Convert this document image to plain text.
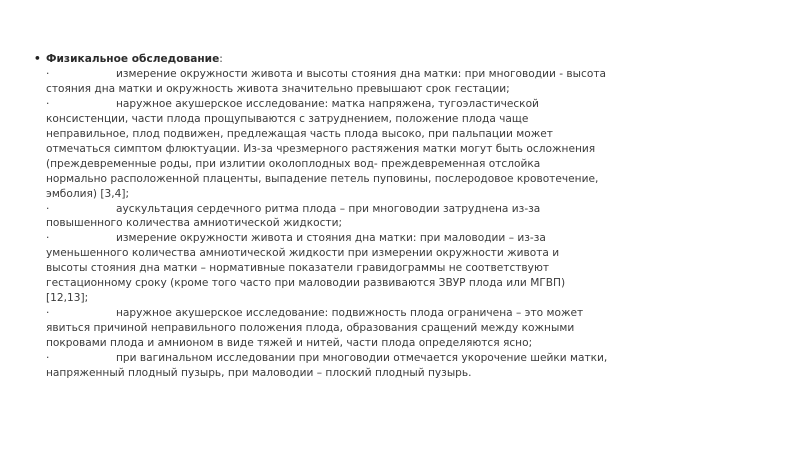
• Физикальное обследование:
·	измерение окружности живота и высоты стояния дна матки: при многоводии - высота
стояния дна матки и окружность живота значительно превышают срок гестации;
·	наружное акушерское исследование: матка напряжена, тугоэластической
консистенции, части плода прощупываются с затруднением, положение плода чаще
неправильное, плод подвижен, предлежащая часть плода высоко, при пальпации может
отмечаться симптом флюктуации. Из-за чрезмерного растяжения матки могут быть осложнения
(преждевременные роды, при излитии околоплодных вод- преждевременная отслойка
нормально расположенной плаценты, выпадение петель пуповины, послеродовое кровотечение,
эмболия) [3,4];
·	аускультация сердечного ритма плода – при многоводии затруднена из-за
повышенного количества амниотической жидкости;
·	измерение окружности живота и стояния дна матки: при маловодии – из-за
уменьшенного количества амниотической жидкости при измерении окружности живота и
высоты стояния дна матки – нормативные показатели гравидограммы не соответствуют
гестационному сроку (кроме того часто при маловодии развиваются ЗВУР плода или МГВП)
[12,13];
·	наружное акушерское исследование: подвижность плода ограничена – это может
явиться причиной неправильного положения плода, образования сращений между кожными
покровами плода и амнионом в виде тяжей и нитей, части плода определяются ясно;
·	при вагинальном исследовании при многоводии отмечается укорочение шейки матки,
напряженный плодный пузырь, при маловодии – плоский плодный пузырь.
